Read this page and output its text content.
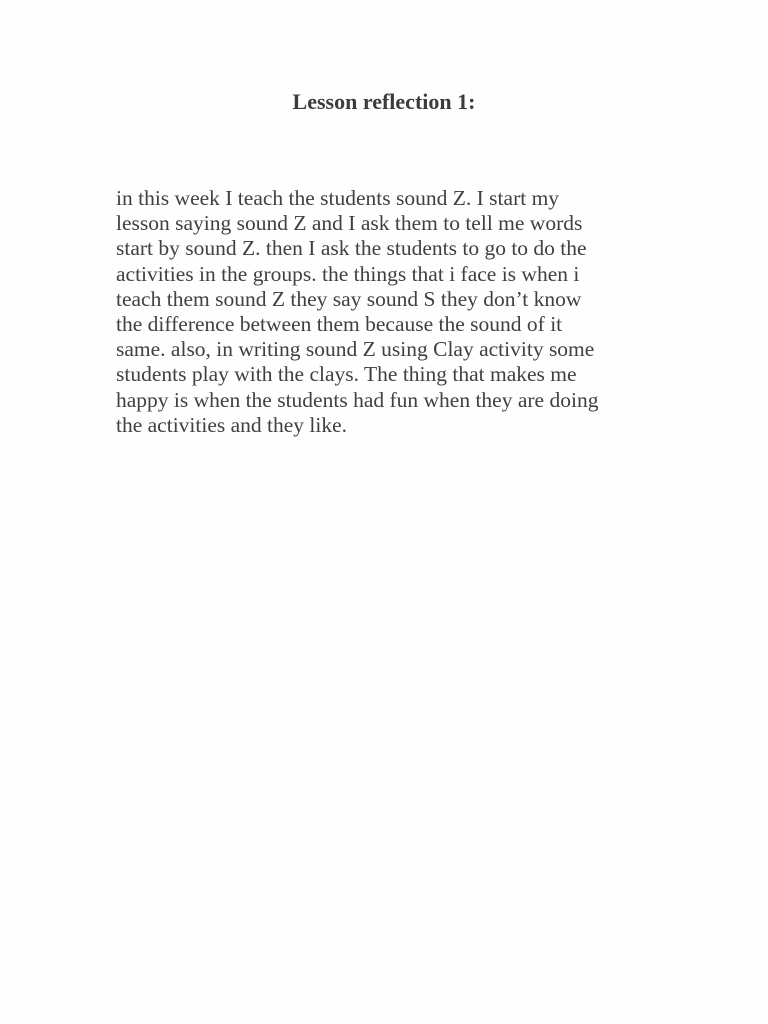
Lesson reflection 1:

in this week I teach the students sound Z. I start my
lesson saying sound Z and I ask them to tell me words
start by sound Z. then I ask the students to go to do the
activities in the groups. the things that i face is when i
teach them sound Z they say sound S they don’t know
the difference between them because the sound of it
same. also, in writing sound Z using Clay activity some
students play with the clays. The thing that makes me
happy is when the students had fun when they are doing
the activities and they like.
